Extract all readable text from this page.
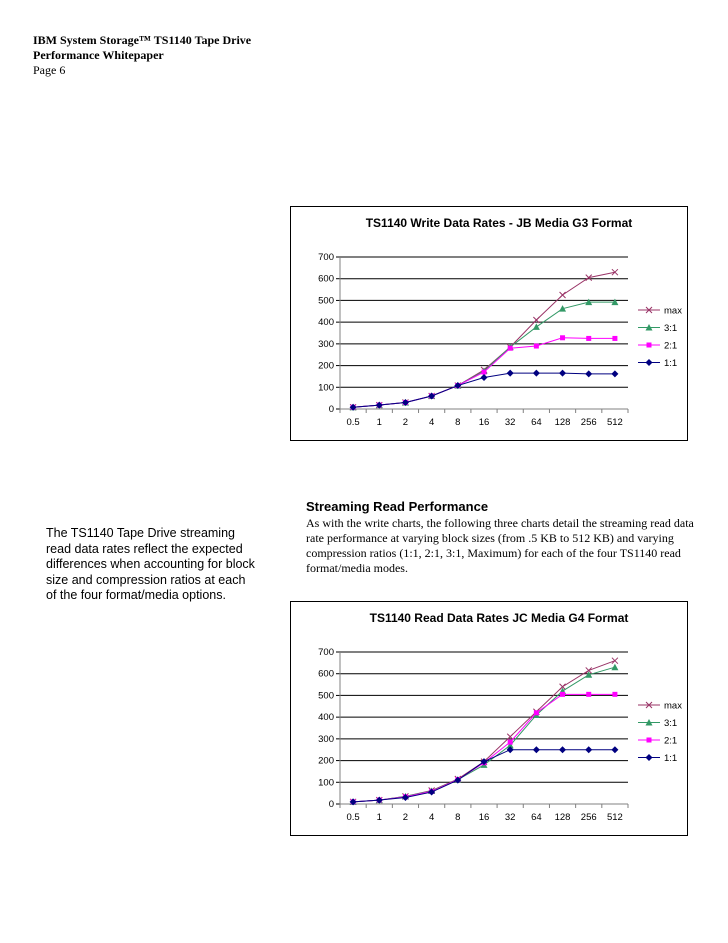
IBM System Storage™ TS1140 Tape Drive
Performance Whitepaper
Page 6
TS1140 Write Data Rates - JB Media G3 Format
0
100
200
300
400
500
600
700
0.5 1 2 4 8 16 32 64 128 256 512
max
3:1
2:1
1:1
Streaming Read Performance
As with the write charts, the following three charts detail the streaming read data rate performance at varying block sizes (from .5 KB to 512 KB) and varying compression ratios (1:1, 2:1, 3:1, Maximum) for each of the four TS1140 read format/media modes.
The TS1140 Tape Drive streaming read data rates reflect the expected differences when accounting for block size and compression ratios at each of the four format/media options.
TS1140 Read Data Rates JC Media G4 Format
0
100
200
300
400
500
600
700
0.5 1 2 4 8 16 32 64 128 256 512
max
3:1
2:1
1:1
